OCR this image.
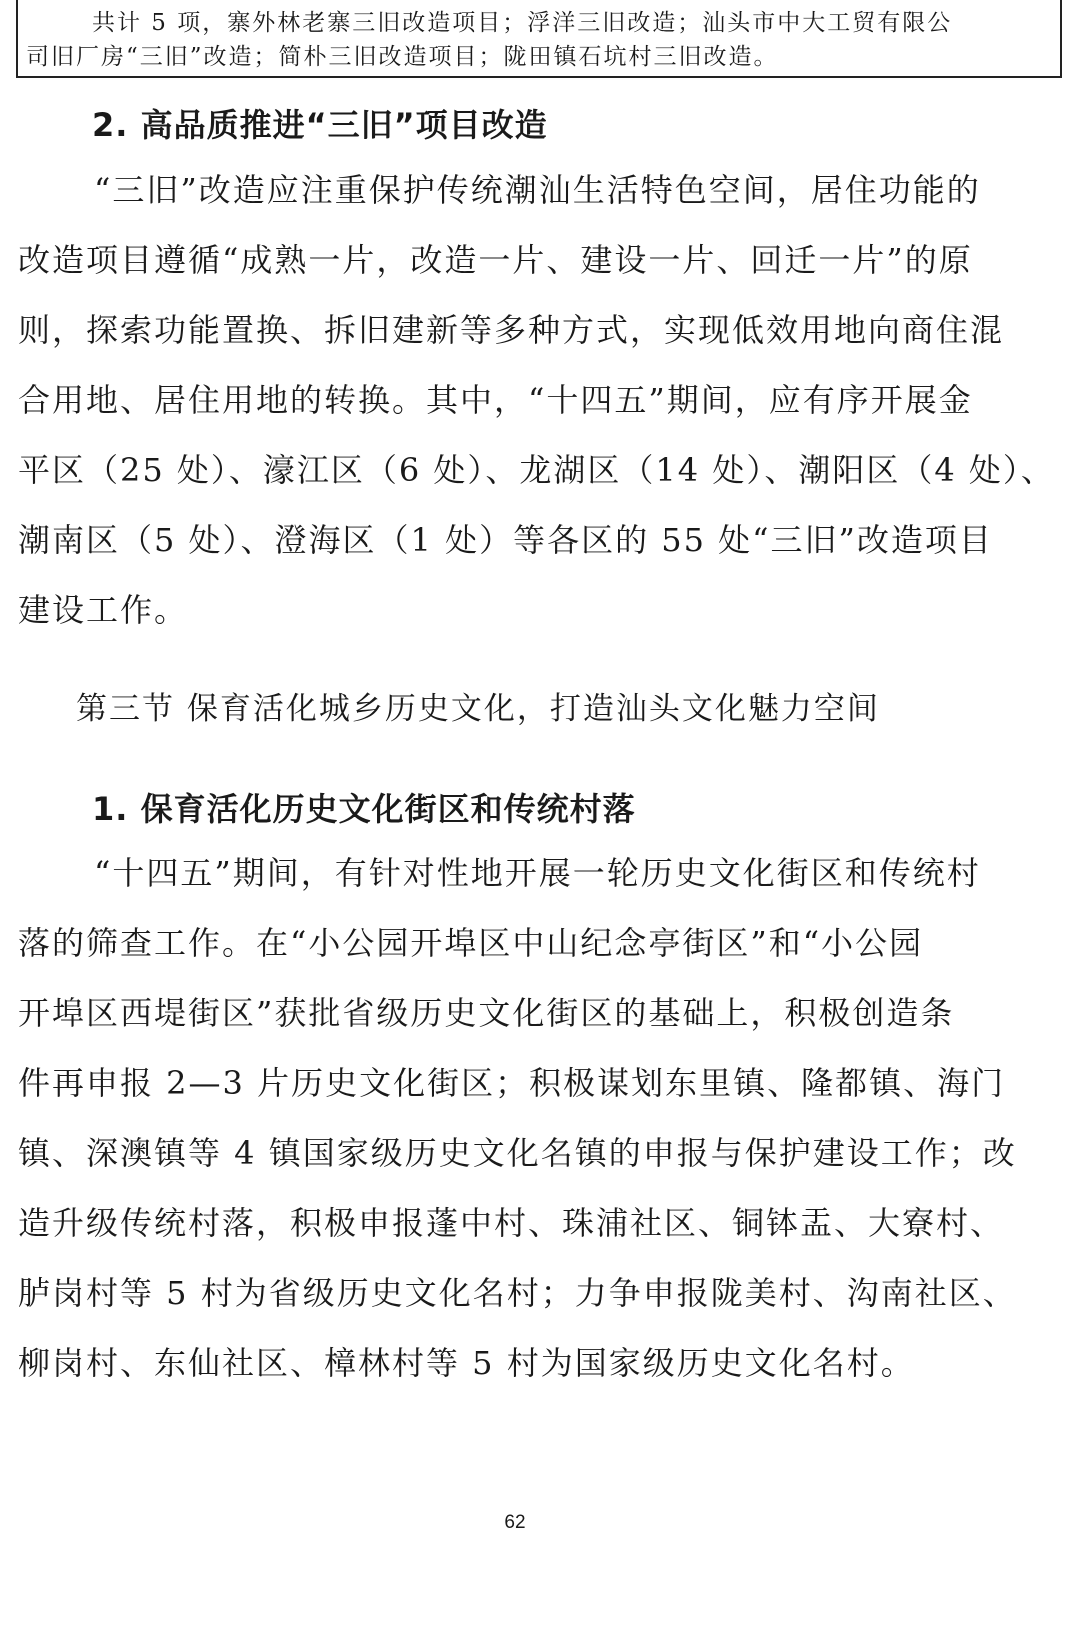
共计 5 项，寨外林老寨三旧改造项目；浮洋三旧改造；汕头市中大工贸有限公

司旧厂房“三旧”改造；简朴三旧改造项目；陇田镇石坑村三旧改造。

2. 高品质推进“三旧”项目改造
“三旧”改造应注重保护传统潮汕生活特色空间，居住功能的
改造项目遵循“成熟一片，改造一片、建设一片、回迁一片”的原
则，探索功能置换、拆旧建新等多种方式，实现低效用地向商住混
合用地、居住用地的转换。其中，“十四五”期间，应有序开展金
平区（25 处）、濠江区（6 处）、龙湖区（14 处）、潮阳区（4 处）、
潮南区（5 处）、澄海区（1 处）等各区的 55 处“三旧”改造项目
建设工作。
第三节 保育活化城乡历史文化，打造汕头文化魅力空间
1. 保育活化历史文化街区和传统村落
“十四五”期间，有针对性地开展一轮历史文化街区和传统村
落的筛查工作。在“小公园开埠区中山纪念亭街区”和“小公园
开埠区西堤街区”获批省级历史文化街区的基础上，积极创造条
件再申报 2—3 片历史文化街区；积极谋划东里镇、隆都镇、海门
镇、深澳镇等 4 镇国家级历史文化名镇的申报与保护建设工作；改
造升级传统村落，积极申报蓬中村、珠浦社区、铜钵盂、大寮村、
胪岗村等 5 村为省级历史文化名村；力争申报陇美村、沟南社区、
柳岗村、东仙社区、樟林村等 5 村为国家级历史文化名村。
62
